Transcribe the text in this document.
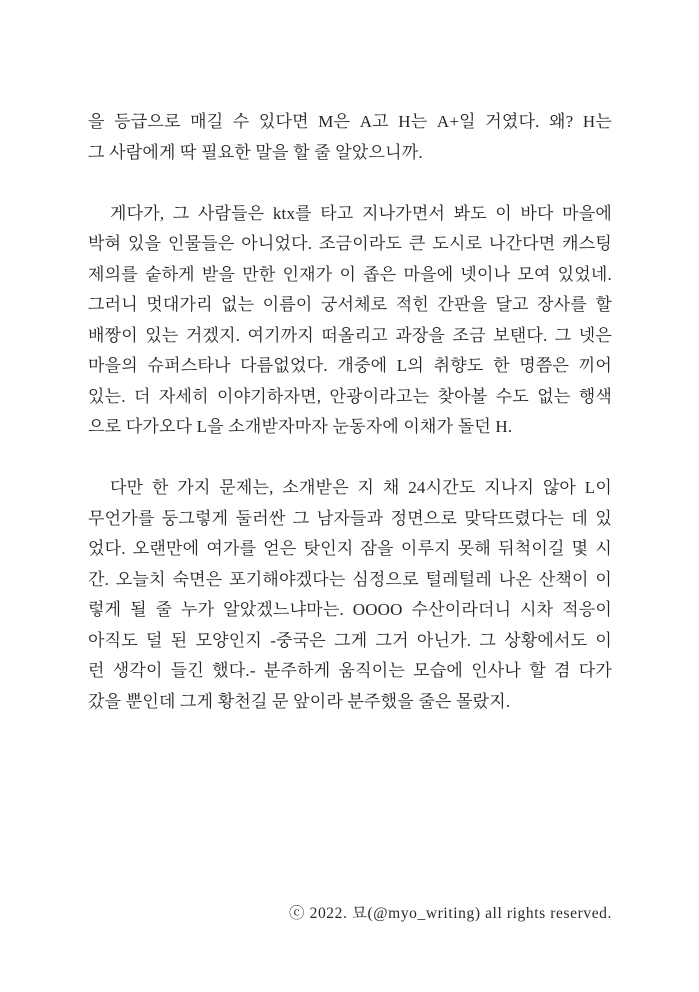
을 등급으로 매길 수 있다면 M은 A고 H는 A+일 거였다. 왜? H는
그 사람에게 딱 필요한 말을 할 줄 알았으니까.
게다가, 그 사람들은 ktx를 타고 지나가면서 봐도 이 바다 마을에
박혀 있을 인물들은 아니었다. 조금이라도 큰 도시로 나간다면 캐스팅
제의를 숱하게 받을 만한 인재가 이 좁은 마을에 넷이나 모여 있었네.
그러니 멋대가리 없는 이름이 궁서체로 적힌 간판을 달고 장사를 할
배짱이 있는 거겠지. 여기까지 떠올리고 과장을 조금 보탠다. 그 넷은
마을의 슈퍼스타나 다름없었다. 개중에 L의 취향도 한 명쯤은 끼어
있는. 더 자세히 이야기하자면, 안광이라고는 찾아볼 수도 없는 행색
으로 다가오다 L을 소개받자마자 눈동자에 이채가 돌던 H.
다만 한 가지 문제는, 소개받은 지 채 24시간도 지나지 않아 L이
무언가를 둥그렇게 둘러싼 그 남자들과 정면으로 맞닥뜨렸다는 데 있
었다. 오랜만에 여가를 얻은 탓인지 잠을 이루지 못해 뒤척이길 몇 시
간. 오늘치 숙면은 포기해야겠다는 심정으로 털레털레 나온 산책이 이
렇게 될 줄 누가 알았겠느냐마는. OOOO 수산이라더니 시차 적응이
아직도 덜 된 모양인지 -중국은 그게 그거 아닌가. 그 상황에서도 이
런 생각이 들긴 했다.- 분주하게 움직이는 모습에 인사나 할 겸 다가
갔을 뿐인데 그게 황천길 문 앞이라 분주했을 줄은 몰랐지.
ⓒ 2022. 묘(@myo_writing) all rights reserved.
